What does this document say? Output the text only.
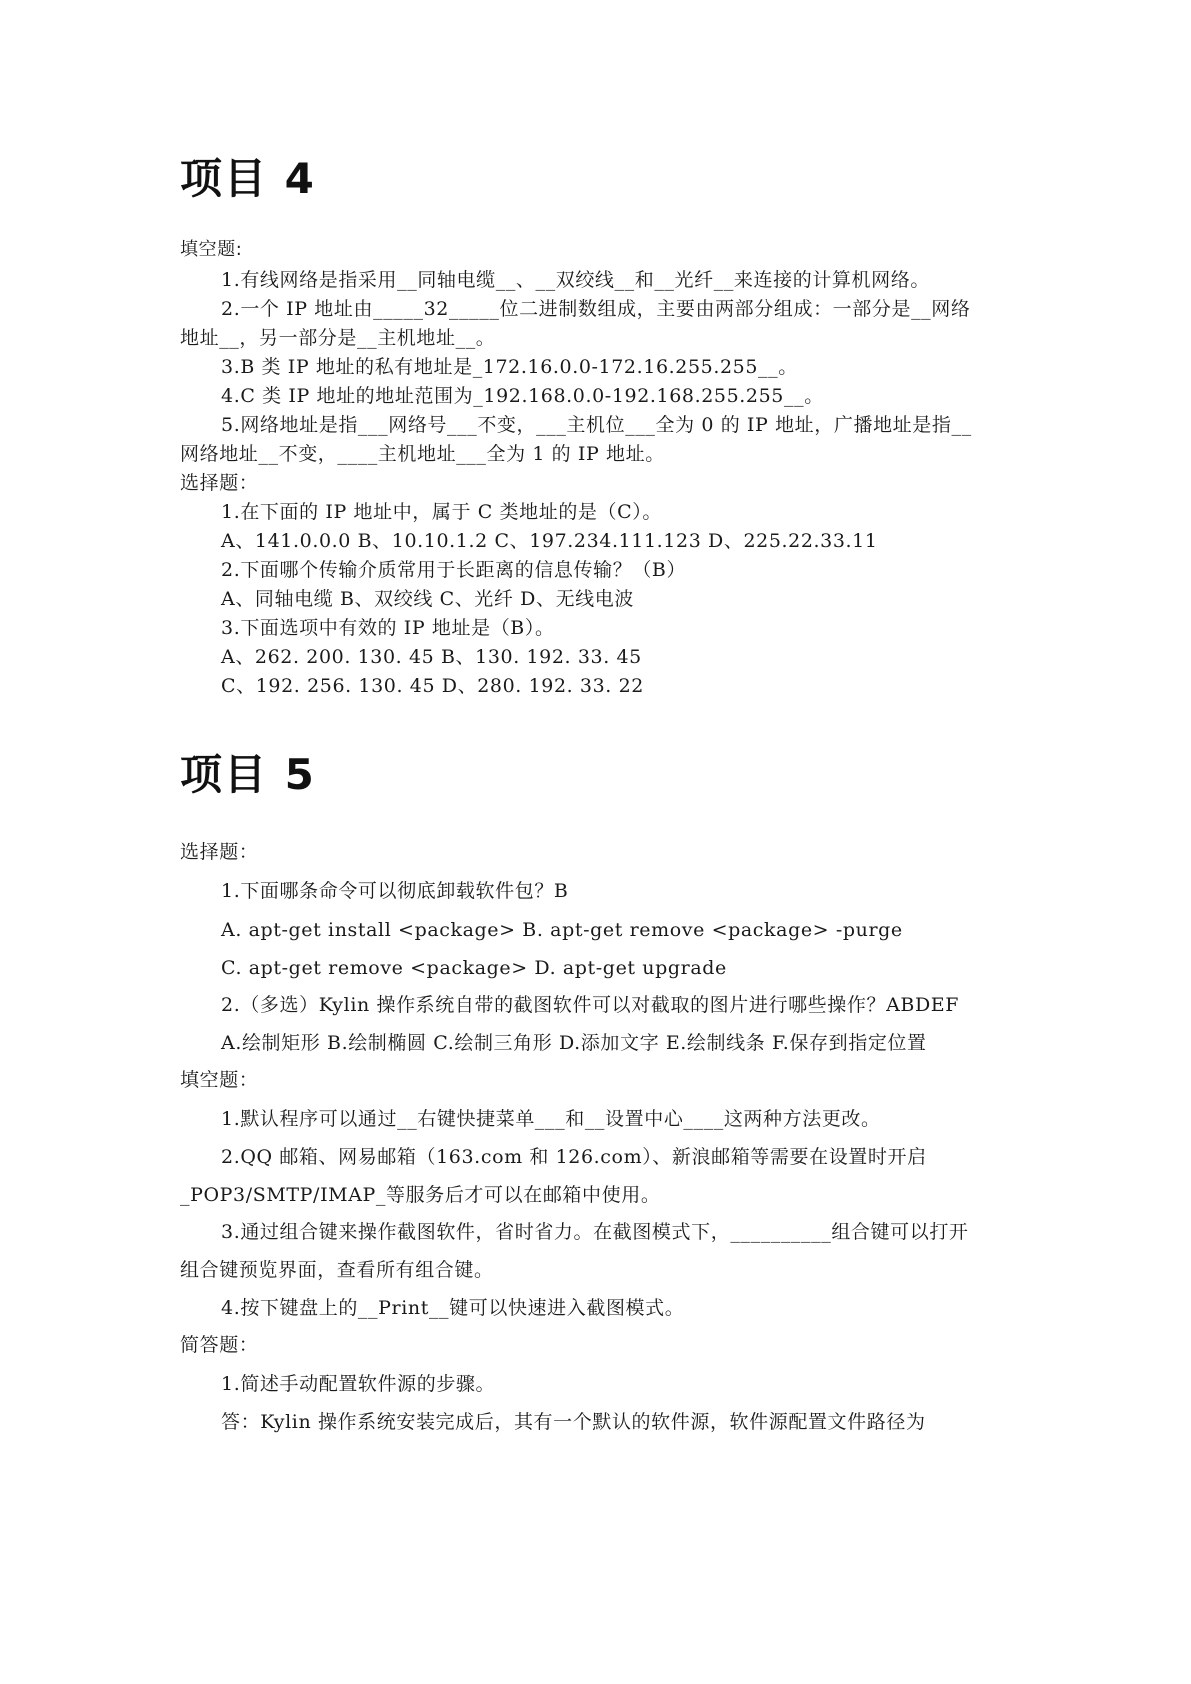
项目 4
填空题:
1.有线网络是指采用__同轴电缆__、__双绞线__和__光纤__来连接的计算机网络。
2.一个 IP 地址由_____32_____位二进制数组成，主要由两部分组成：一部分是__网络
地址__，另一部分是__主机地址__。
3.B 类 IP 地址的私有地址是_172.16.0.0-172.16.255.255__。
4.C 类 IP 地址的地址范围为_192.168.0.0-192.168.255.255__。
5.网络地址是指___网络号___不变，___主机位___全为 0 的 IP 地址，广播地址是指__
网络地址__不变，____主机地址___全为 1 的 IP 地址。
选择题：
1.在下面的 IP 地址中，属于 C 类地址的是（C）。
A、141.0.0.0 B、10.10.1.2 C、197.234.111.123 D、225.22.33.11
2.下面哪个传输介质常用于长距离的信息传输？（B）
A、同轴电缆 B、双绞线 C、光纤 D、无线电波
3.下面选项中有效的 IP 地址是（B）。
A、262. 200. 130. 45 B、130. 192. 33. 45
C、192. 256. 130. 45 D、280. 192. 33. 22
项目 5
选择题：
1.下面哪条命令可以彻底卸载软件包？B
A. apt-get install <package> B. apt-get remove <package> -purge
C. apt-get remove <package> D. apt-get upgrade
2.（多选）Kylin 操作系统自带的截图软件可以对截取的图片进行哪些操作？ABDEF
A.绘制矩形 B.绘制椭圆 C.绘制三角形 D.添加文字 E.绘制线条 F.保存到指定位置
填空题：
1.默认程序可以通过__右键快捷菜单___和__设置中心____这两种方法更改。
2.QQ 邮箱、网易邮箱（163.com 和 126.com）、新浪邮箱等需要在设置时开启
_POP3/SMTP/IMAP_等服务后才可以在邮箱中使用。
3.通过组合键来操作截图软件，省时省力。在截图模式下，__________组合键可以打开
组合键预览界面，查看所有组合键。
4.按下键盘上的__Print__键可以快速进入截图模式。
简答题：
1.简述手动配置软件源的步骤。
答：Kylin 操作系统安装完成后，其有一个默认的软件源，软件源配置文件路径为
